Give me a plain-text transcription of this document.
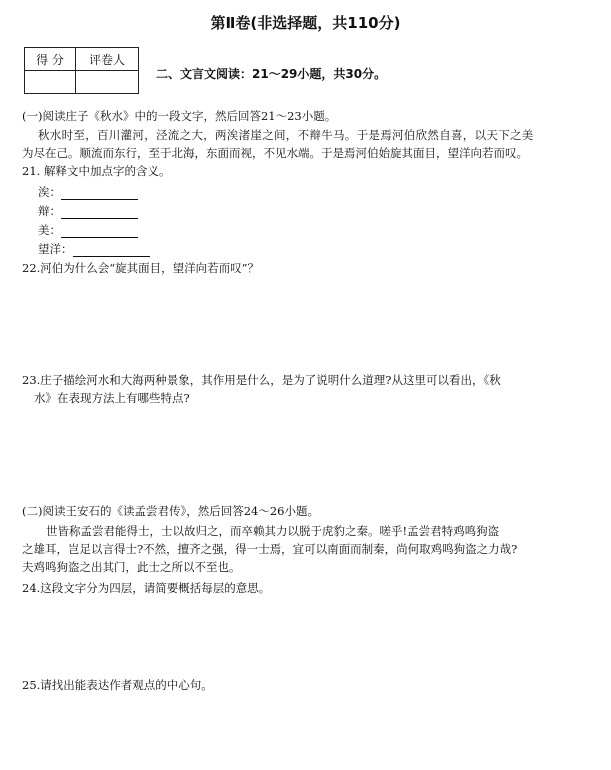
第Ⅱ卷(非选择题，共110分)
得 分	评卷人

二、文言文阅读：21～29小题，共30分。
(一)阅读庄子《秋水》中的一段文字，然后回答21～23小题。
秋水时至，百川灌河，泾流之大，两涘渚崖之间，不辩牛马。于是焉河伯欣然自喜，以天下之美
为尽在己。顺流而东行，至于北海，东面而视，不见水端。于是焉河伯始旋其面目，望洋向若而叹。
21. 解释文中加点字的含义。
涘：
辩：
美：
望洋：
22.河伯为什么会“旋其面目，望洋向若而叹”？
23.庄子描绘河水和大海两种景象，其作用是什么，是为了说明什么道理?从这里可以看出，《秋
水》在表现方法上有哪些特点?
(二)阅读王安石的《读孟尝君传》，然后回答24～26小题。
世皆称孟尝君能得士，士以故归之，而卒赖其力以脱于虎豹之秦。嗟乎!孟尝君特鸡鸣狗盗
之雄耳，岂足以言得士?不然，擅齐之强，得一士焉，宜可以南面而制秦，尚何取鸡鸣狗盗之力哉?
夫鸡鸣狗盗之出其门，此士之所以不至也。
24.这段文字分为四层，请简要概括每层的意思。
25.请找出能表达作者观点的中心句。
